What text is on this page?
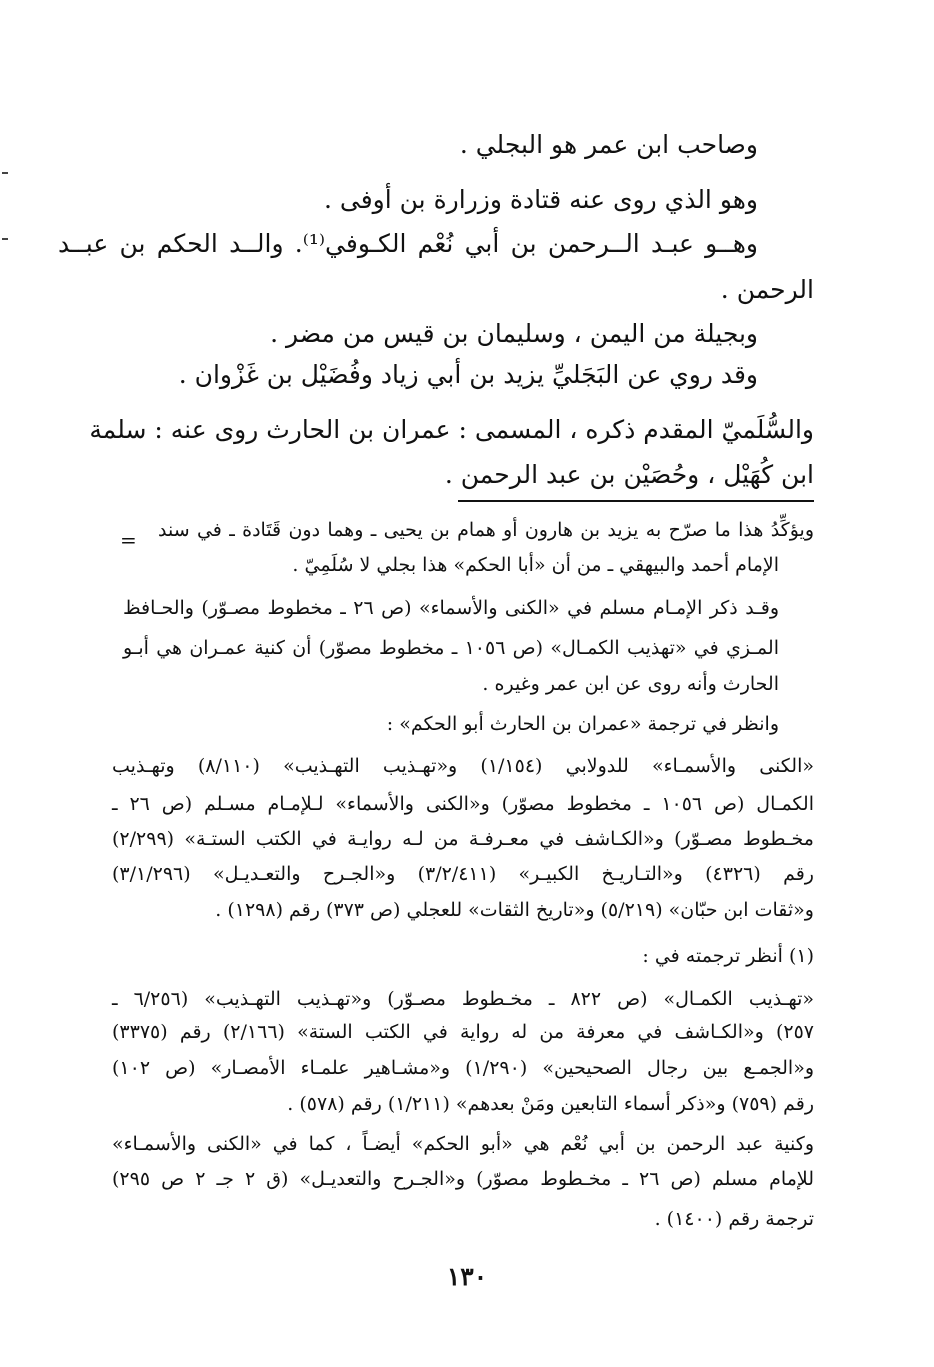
وصاحب ابن عمر هو البجلي .

وهو الذي روى عنه قتادة وزرارة بن أوفى .

وهــو عبـد الــرحمن بن أبي نُعْم الكـوفي⁽¹⁾. والــد الحكم بن عبــد

الرحمن .

وبجيلة من اليمن ، وسليمان بن قيس من مضر .

وقد روي عن البَجَليِّ يزيد بن أبي زياد وفُضَيْل بن غَزْوان .

والسُّلَميّ المقدم ذكره ، المسمى : عمران بن الحارث روى عنه : سلمة

ابن كُهَيْل ، وحُصَيْن بن عبد الرحمن .

= ويؤكِّدُ هذا ما صرّح به يزيد بن هارون أو همام بن يحيى ـ وهما دون قَتَادة ـ في سند

الإمام أحمد والبيهقي ـ من أن «أبا الحكم» هذا بجلي لا سُلَمِيّ .

وقـد ذكر الإمـام مسلم في «الكنى والأسماء» (ص ٢٦ ـ مخطوط مصـوّر) والحـافظ

المـزي في «تهذيب الكمـال» (ص ١٠٥٦ ـ مخطوط مصوّر) أن كنية عمـران هي أبـو

الحارث وأنه روى عن ابن عمر وغيره .

وانظر في ترجمة «عمران بن الحارث أبو الحكم» :

«الكنى والأسمـاء» للدولابي (١/١٥٤) و«تهـذيب التهـذيب» (٨/١١٠) وتهـذيب

الكمـال (ص ١٠٥٦ ـ مخطوط مصوّر) و«الكنى والأسماء» لـلإمـام مسـلم (ص ٢٦ ـ

مخـطوط مصـوّر) و«الكـاشف في معـرفـة من لـه روايـة في الكتب الستـة» (٢/٢٩٩)

رقم (٤٣٢٦) و«التـاريـخ الكبيـر» (٣/٢/٤١١) و«الجـرح والتعـديـل» (٣/١/٢٩٦)

و«ثقات ابن حبّان» (٥/٢١٩) و«تاريخ الثقات» للعجلي (ص ٣٧٣) رقم (١٢٩٨) .

(١) أنظر ترجمته في :

«تهـذيب الكمـال» (ص ٨٢٢ ـ مخـطوط مصـوّر) و«تهـذيب التهـذيب» (٦/٢٥٦ ـ

٢٥٧) و«الكـاشف في معرفة من له رواية في الكتب الستة» (٢/١٦٦) رقم (٣٣٧٥)

و«الجمـع بين رجال الصحيحين» (١/٢٩٠) و«مشـاهير علمـاء الأمصـار» (ص ١٠٢)

رقم (٧٥٩) و«ذكر أسماء التابعين ومَنْ بعدهم» (١/٢١١) رقم (٥٧٨) .

وكنية عبد الرحمن بن أبي نُعْم هي «أبو الحكم» أيضـاً ، كما في «الكنى والأسمـاء»

للإمام مسلم (ص ٢٦ ـ مخـطوط مصوّر) و«الجـرح والتعديـل» (ق ٢ جـ ٢ ص ٢٩٥)

ترجمة رقم (١٤٠٠) .

١٣٠
